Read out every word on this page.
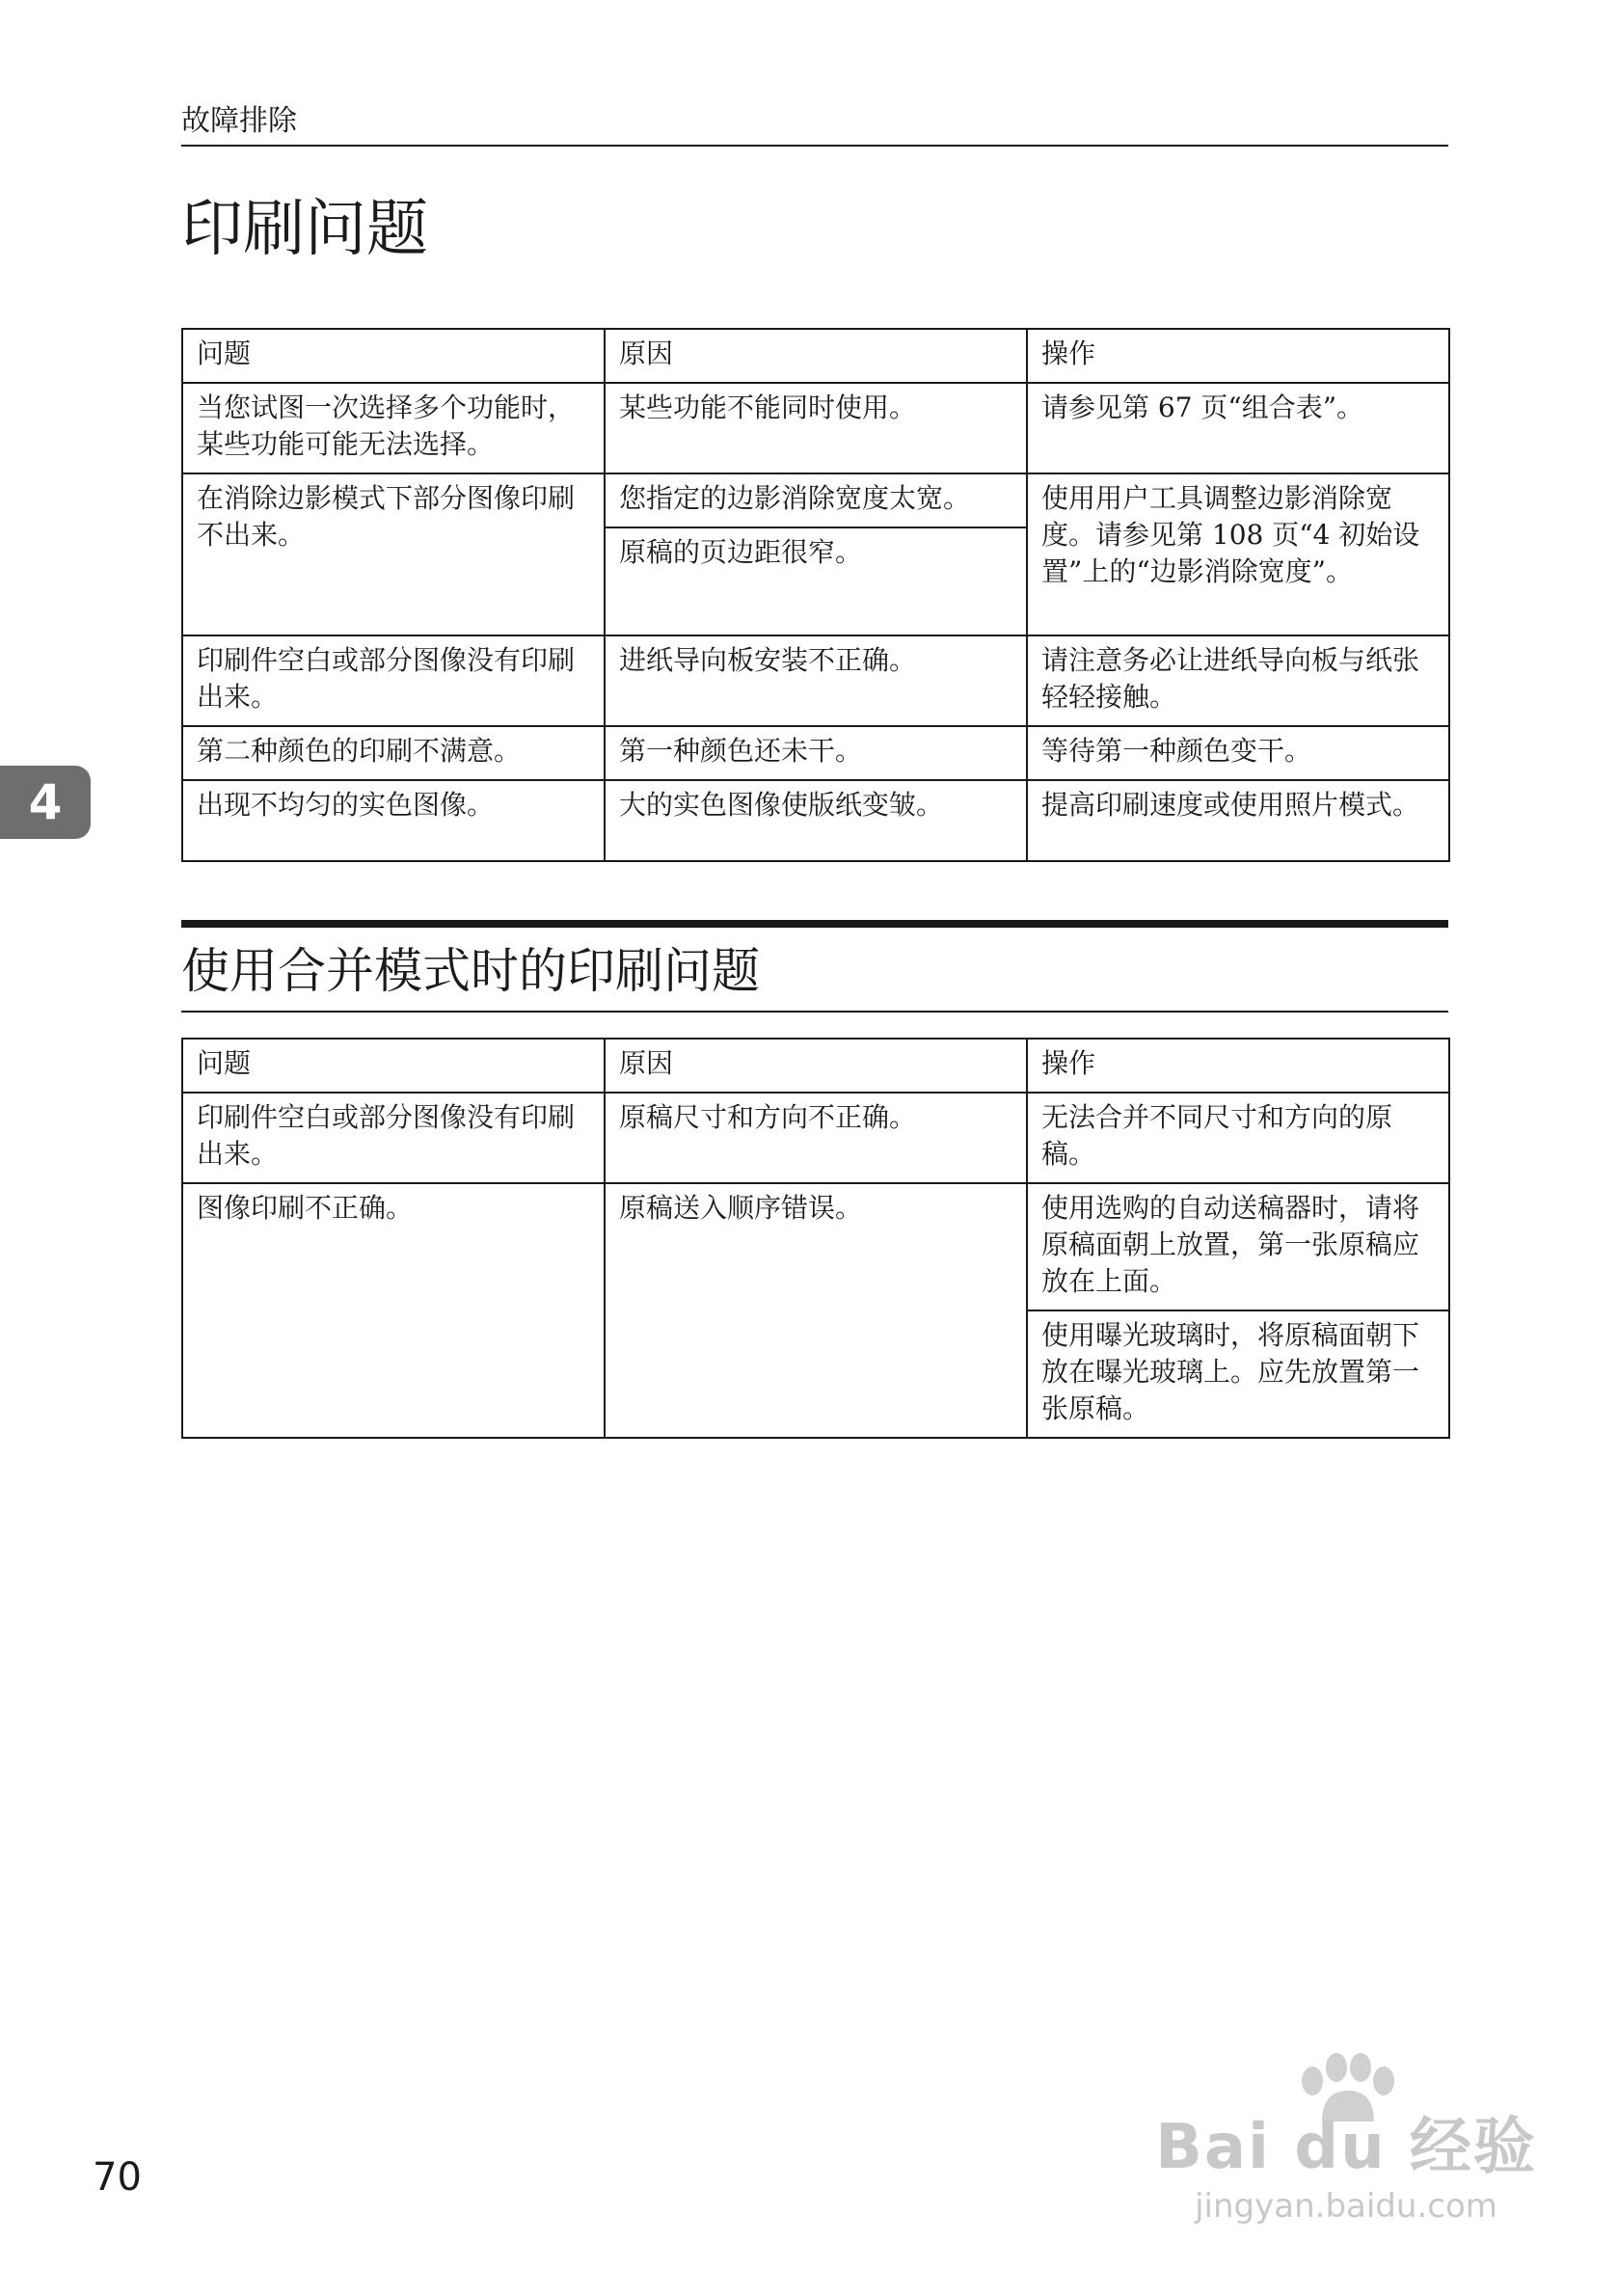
故障排除
印刷问题
问题	原因	操作
当您试图一次选择多个功能时，某些功能可能无法选择。	某些功能不能同时使用。	请参见第 67 页“组合表”。
在消除边影模式下部分图像印刷不出来。	您指定的边影消除宽度太宽。	使用用户工具调整边影消除宽度。请参见第 108 页“4 初始设置”上的“边影消除宽度”。
	原稿的页边距很窄。	
印刷件空白或部分图像没有印刷出来。	进纸导向板安装不正确。	请注意务必让进纸导向板与纸张轻轻接触。
第二种颜色的印刷不满意。	第一种颜色还未干。	等待第一种颜色变干。
出现不均匀的实色图像。	大的实色图像使版纸变皱。	提高印刷速度或使用照片模式。
使用合并模式时的印刷问题
问题	原因	操作
印刷件空白或部分图像没有印刷出来。	原稿尺寸和方向不正确。	无法合并不同尺寸和方向的原稿。
图像印刷不正确。	原稿送入顺序错误。	使用选购的自动送稿器时，请将原稿面朝上放置，第一张原稿应放在上面。
		使用曝光玻璃时，将原稿面朝下放在曝光玻璃上。应先放置第一张原稿。
4
70	Bai du 经验
jingyan.baidu.com
